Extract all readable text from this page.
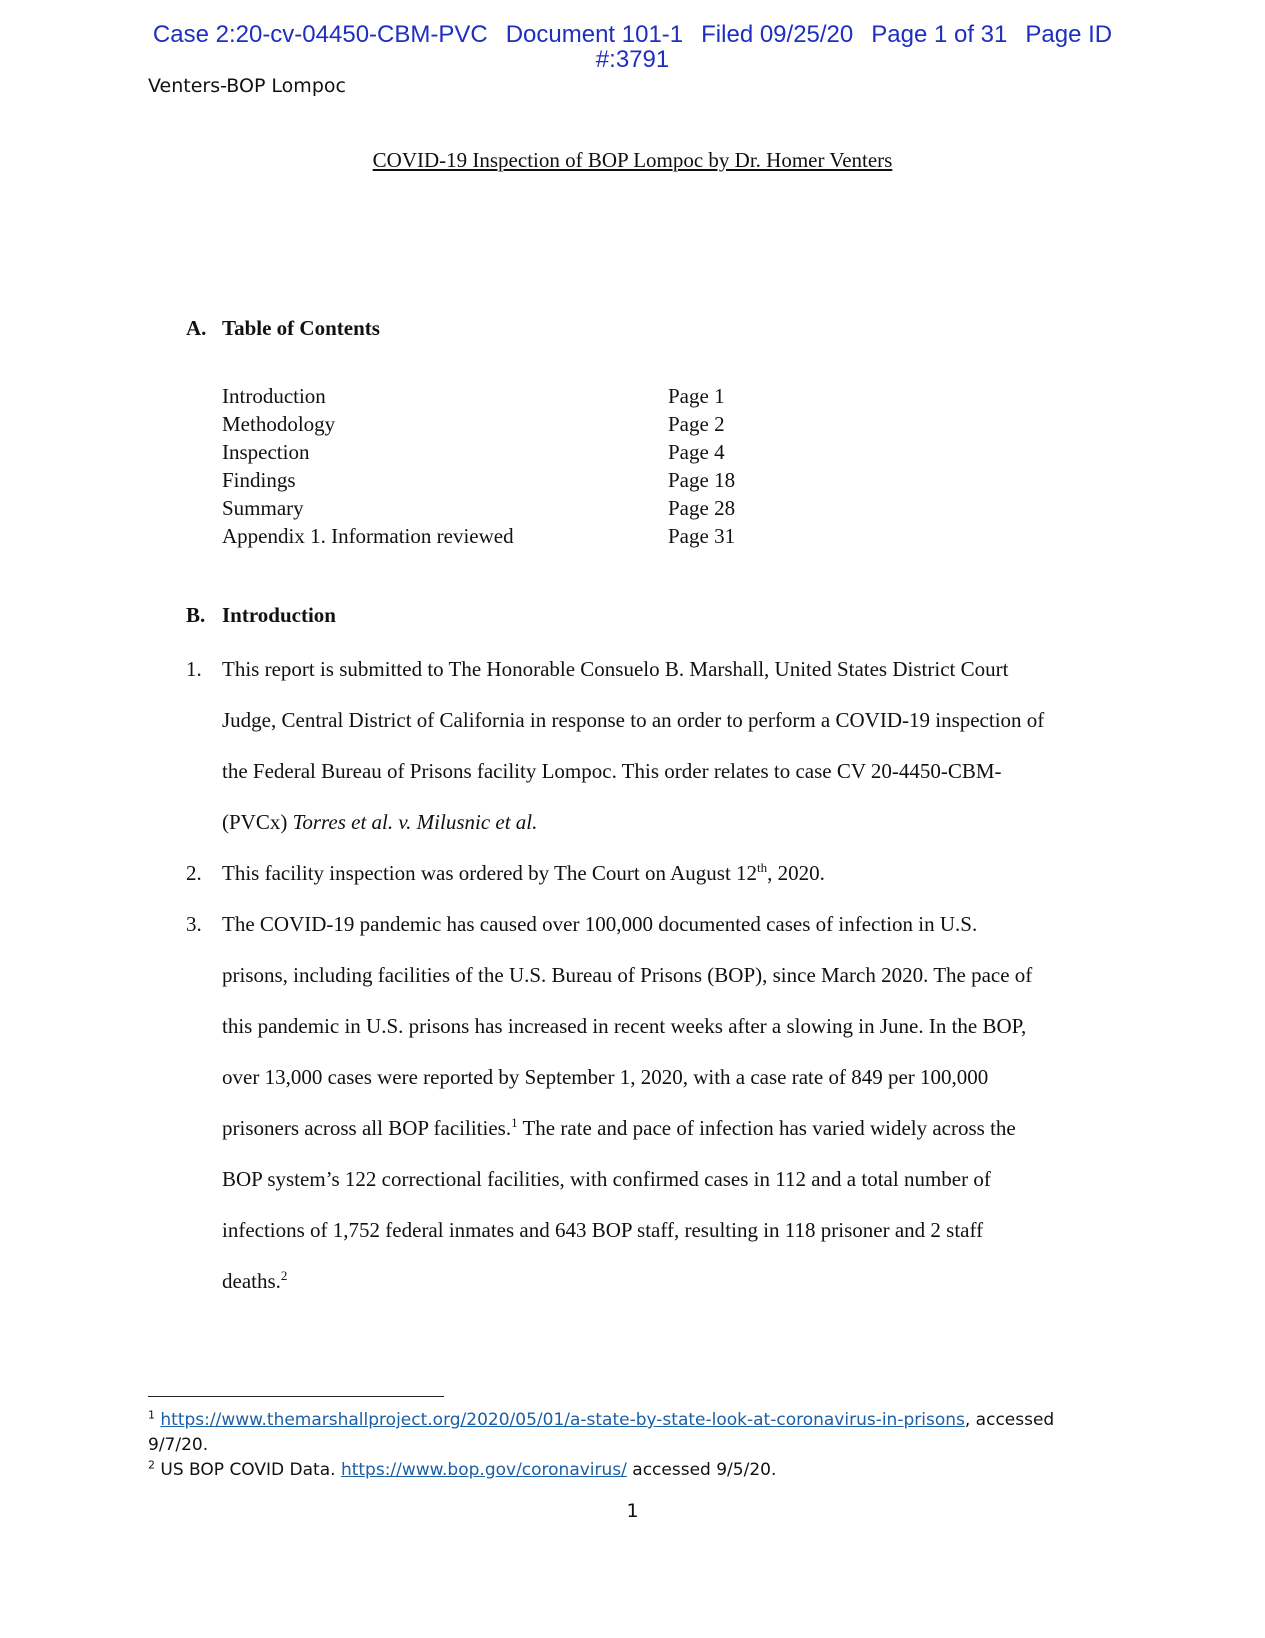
Case 2:20-cv-04450-CBM-PVC Document 101-1 Filed 09/25/20 Page 1 of 31 Page ID
#:3791
Venters-BOP Lompoc
COVID-19 Inspection of BOP Lompoc by Dr. Homer Venters
A. Table of Contents
Introduction	Page 1
Methodology	Page 2
Inspection	Page 4
Findings	Page 18
Summary	Page 28
Appendix 1. Information reviewed	Page 31
B. Introduction
1. This report is submitted to The Honorable Consuelo B. Marshall, United States District Court
Judge, Central District of California in response to an order to perform a COVID-19 inspection of
the Federal Bureau of Prisons facility Lompoc. This order relates to case CV 20-4450-CBM-
(PVCx) Torres et al. v. Milusnic et al.
2. This facility inspection was ordered by The Court on August 12th, 2020.
3. The COVID-19 pandemic has caused over 100,000 documented cases of infection in U.S.
prisons, including facilities of the U.S. Bureau of Prisons (BOP), since March 2020. The pace of
this pandemic in U.S. prisons has increased in recent weeks after a slowing in June. In the BOP,
over 13,000 cases were reported by September 1, 2020, with a case rate of 849 per 100,000
prisoners across all BOP facilities.$^1$ The rate and pace of infection has varied widely across the
BOP system’s 122 correctional facilities, with confirmed cases in 112 and a total number of
infections of 1,752 federal inmates and 643 BOP staff, resulting in 118 prisoner and 2 staff
deaths.$^2$
$^1$ https://www.themarshallproject.org/2020/05/01/a-state-by-state-look-at-coronavirus-in-prisons, accessed
9/7/20.
$^2$ US BOP COVID Data. https://www.bop.gov/coronavirus/ accessed 9/5/20.
1
